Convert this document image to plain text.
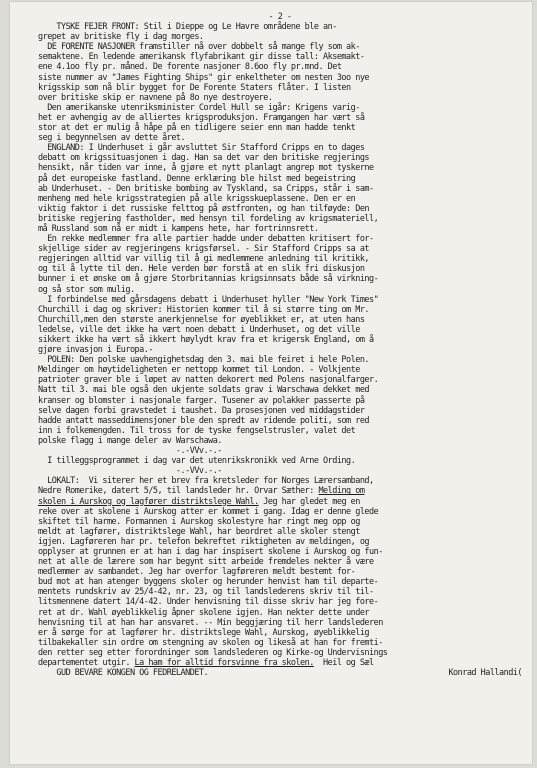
- 2 -

TYSKE FEJER FRONT: Stil i Dieppe og Le Havre områdene ble an-

grepet av britiske fly i dag morges.

DE FORENTE NASJONER framstiller nå over dobbelt så mange fly som ak-

semaktene. En ledende amerikansk flyfabrikant gir disse tall: Aksemakt-

ene 4.1oo fly pr. måned. De forente nasjoner 8.6oo fly pr.mnd. Det

siste nummer av "James Fighting Ships" gir enkeltheter om nesten 3oo nye

krigsskip som nå blir bygget for De Forente Staters flåter. I listen

over britiske skip er navnene på 8o nye destroyere.

Den amerikanske utenriksminister Cordel Hull se igår: Krigens varig-

het er avhengig av de alliertes krigsproduksjon. Framgangen har vært så

stor at det er mulig å håpe på en tidligere seier enn man hadde tenkt

seg i begynnelsen av dette året.

ENGLAND: I Underhuset i går avsluttet Sir Stafford Cripps en to dages

debatt om krigssituasjonen i dag. Han sa det var den britiske regjerings

hensikt, når tiden var inne, å gjøre et nytt planlagt angrep mot tyskerne

på det europeiske fastland. Denne erklæring ble hilst med begeistring

ab Underhuset. - Den britiske bombing av Tyskland, sa Cripps, står i sam-

menheng med hele krigsstrategien på alle krigsskueplassene. Den er en

viktig faktor i det russiske felttog på østfronten, og han tilføyde: Den

britiske regjering fastholder, med hensyn til fordeling av krigsmateriell,

må Russland som nå er midt i kampens hete, har fortrinnsrett.

En rekke medlemmer fra alle partier hadde under debatten kritisert for-

skjellige sider av regjeringens krigsførsel. - Sir Stafford Cripps sa at

regjeringen alltid var villig til å gi medlemmene anledning til kritikk,

og til å lytte til den. Hele verden bør forstå at en slik fri diskusjon

bunner i et ønske om å gjøre Storbritannias krigsinnsats både så virkning-

og så stor som mulig.

I forbindelse med gårsdagens debatt i Underhuset hyller "New York Times"

Churchill i dag og skriver: Historien kommer til å si større ting om Mr.

Churchill,men den største anerkjennelse for øyeblikket er, at uten hans

ledelse, ville det ikke ha vært noen debatt i Underhuset, og det ville

sikkert ikke ha vært så ikkert høylydt krav fra et krigersk England, om å

gjøre invasjon i Europa.-

POLEN: Den polske uavhengighetsdag den 3. mai ble feiret i hele Polen.

Meldinger om høytideligheten er nettopp kommet til London. - Volkjente

patrioter graver ble i løpet av natten dekorert med Polens nasjonalfarger.

Natt til 3. mai ble også den ukjente soldats grav i Warschawa dekket med

kranser og blomster i nasjonale farger. Tusener av polakker passerte på

selve dagen forbi gravstedet i taushet. Da prosesjonen ved middagstider

hadde antatt masseddimensjoner ble den spredt av ridende politi, som red

inn i folkemengden. Til tross for de tyske fengselstrusler, valet det

polske flagg i mange deler av Warschawa.

-.-VVv.-.-

I tilleggsprogrammet i dag var det utenrikskronikk ved Arne Ording.

-.-VVv.-.-

LOKALT:  Vi siterer her et brev fra kretsleder for Norges Lærersamband,

Nedre Romerike, datert 5/5, til landsleder hr. Orvar Sæther: Melding om

skolen i Aurskog og lagfører distriktslege Wahl. Jeg har gledet meg en

reke over at skolene i Aurskog atter er kommet i gang. Idag er denne glede

skiftet til harme. Formannen i Aurskog skolestyre har ringt meg opp og

meldt at lagfører, distriktslege Wahl, har beordret alle skoler stengt

igjen. Lagføreren har pr. telefon bekreftet riktigheten av meldingen, og

opplyser at grunnen er at han i dag har inspisert skolene i Aurskog og fun-

net at alle de lærere som har begynt sitt arbeide fremdeles nekter å være

medlemmer av sambandet. Jeg har overfor lagføreren meldt bestemt for-

bud mot at han atenger byggens skoler og herunder henvist ham til departe-

mentets rundskriv av 25/4-42, nr. 23, og til landslederens skriv til til-

litsmennene datert 14/4-42. Under henvisning til disse skriv har jeg fore-

ret at dr. Wahl øyeblikkelig åpner skolene igjen. Han nekter dette under

henvisning til at han har ansvaret. -- Min beggjæring til herr landslederen

er å sørge for at lagfører hr. distriktslege Wahl, Aurskog, øyeblikkelig

tilbakekaller sin ordre om stengning av skolen og likeså at han for fremti-

den retter seg etter forordninger som landslederen og Kirke-og Undervisnings

departementet utgir. La ham for alltid forsvinne fra skolen.  Heil og Sæl

GUD BEVARE KONGEN OG FEDRELANDET.	Konrad Hallandi(
